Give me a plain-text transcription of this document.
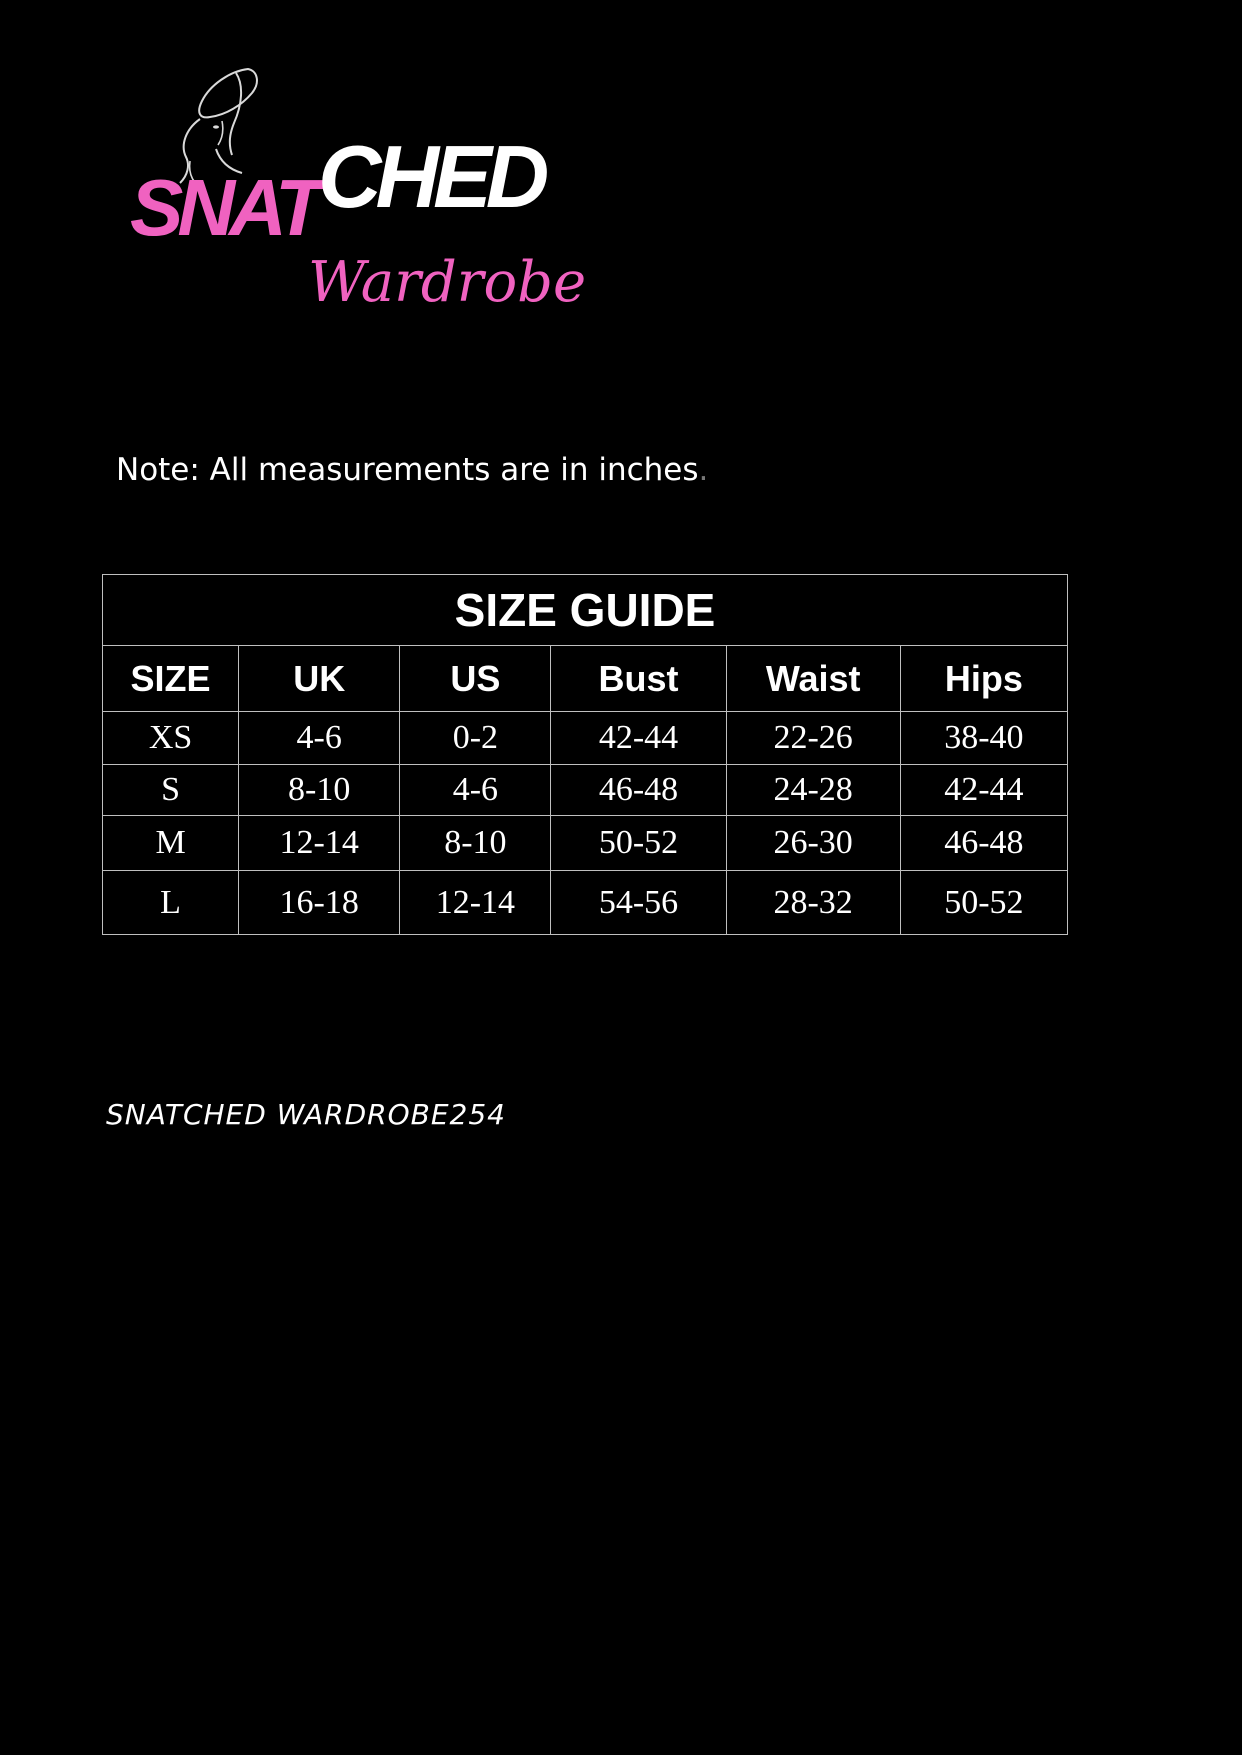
SNAT CHED
Wardrobe
Note: All measurements are in inches.
SIZE GUIDE					
SIZE	UK	US	Bust	Waist	Hips
XS	4-6	0-2	42-44	22-26	38-40
S	8-10	4-6	46-48	24-28	42-44
M	12-14	8-10	50-52	26-30	46-48
L	16-18	12-14	54-56	28-32	50-52
SNATCHED WARDROBE254
